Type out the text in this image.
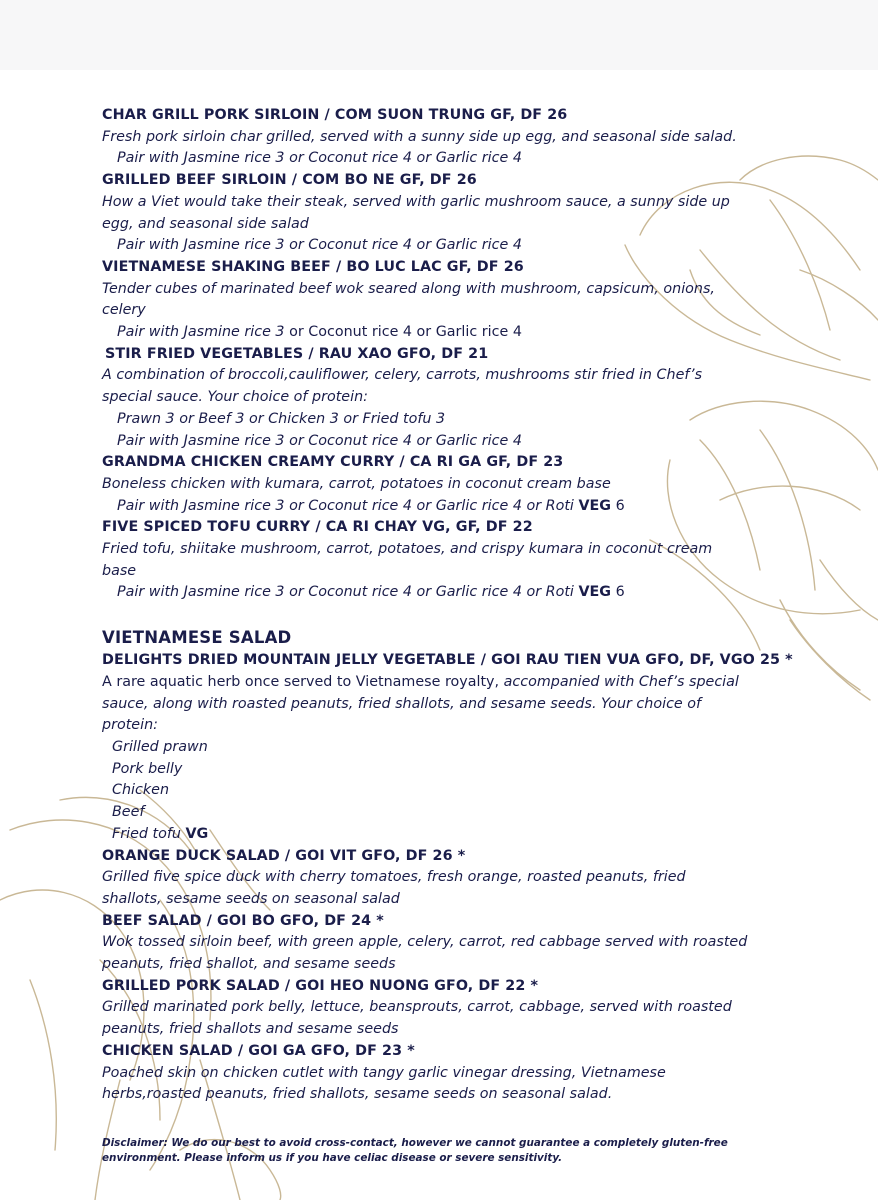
CHAR GRILL PORK SIRLOIN / COM SUON TRUNG GF, DF 26
Fresh pork sirloin char grilled, served with a sunny side up egg, and seasonal side salad.
Pair with Jasmine rice 3 or Coconut rice 4 or Garlic rice 4
GRILLED BEEF SIRLOIN / COM BO NE GF, DF 26
How a Viet would take their steak, served with garlic mushroom sauce, a sunny side up
egg, and seasonal side salad
Pair with Jasmine rice 3 or Coconut rice 4 or Garlic rice 4
VIETNAMESE SHAKING BEEF / BO LUC LAC GF, DF 26
Tender cubes of marinated beef wok seared along with mushroom, capsicum, onions,
celery
Pair with Jasmine rice 3 or Coconut rice 4 or Garlic rice 4
STIR FRIED VEGETABLES / RAU XAO GFO, DF 21
A combination of broccoli,cauliflower, celery, carrots, mushrooms stir fried in Chef’s
special sauce. Your choice of protein:
Prawn 3 or Beef 3 or Chicken 3 or Fried tofu 3
Pair with Jasmine rice 3 or Coconut rice 4 or Garlic rice 4
GRANDMA CHICKEN CREAMY CURRY / CA RI GA GF, DF 23
Boneless chicken with kumara, carrot, potatoes in coconut cream base
Pair with Jasmine rice 3 or Coconut rice 4 or Garlic rice 4 or Roti VEG 6
FIVE SPICED TOFU CURRY / CA RI CHAY VG, GF, DF 22
Fried tofu, shiitake mushroom, carrot, potatoes, and crispy kumara in coconut cream
base
Pair with Jasmine rice 3 or Coconut rice 4 or Garlic rice 4 or Roti VEG 6
VIETNAMESE SALAD
DELIGHTS DRIED MOUNTAIN JELLY VEGETABLE / GOI RAU TIEN VUA GFO, DF, VGO 25 *
A rare aquatic herb once served to Vietnamese royalty, accompanied with Chef’s special
sauce, along with roasted peanuts, fried shallots, and sesame seeds. Your choice of
protein:
Grilled prawn
Pork belly
Chicken
Beef
Fried tofu VG
ORANGE DUCK SALAD / GOI VIT GFO, DF 26 *
Grilled five spice duck with cherry tomatoes, fresh orange, roasted peanuts, fried
shallots, sesame seeds on seasonal salad
BEEF SALAD / GOI BO GFO, DF 24 *
Wok tossed sirloin beef, with green apple, celery, carrot, red cabbage served with roasted
peanuts, fried shallot, and sesame seeds
GRILLED PORK SALAD / GOI HEO NUONG GFO, DF 22 *
Grilled marinated pork belly, lettuce, beansprouts, carrot, cabbage, served with roasted
peanuts, fried shallots and sesame seeds
CHICKEN SALAD / GOI GA GFO, DF 23 *
Poached skin on chicken cutlet with tangy garlic vinegar dressing, Vietnamese
herbs,roasted peanuts, fried shallots, sesame seeds on seasonal salad.
Disclaimer: We do our best to avoid cross-contact, however we cannot guarantee a completely gluten-free
environment. Please inform us if you have celiac disease or severe sensitivity.
